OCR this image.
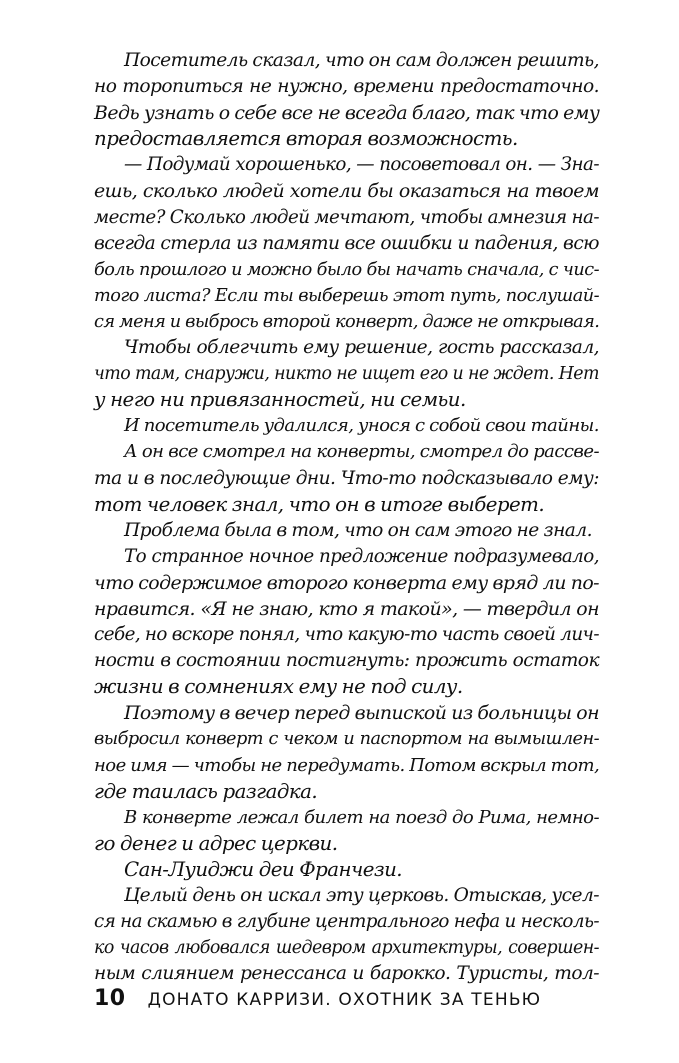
Посетитель сказал, что он сам должен решить,
но торопиться не нужно, времени предостаточно.
Ведь узнать о себе все не всегда благо, так что ему
предоставляется вторая возможность.
— Подумай хорошенько, — посоветовал он. — Зна-
ешь, сколько людей хотели бы оказаться на твоем
месте? Сколько людей мечтают, чтобы амнезия на-
всегда стерла из памяти все ошибки и падения, всю
боль прошлого и можно было бы начать сначала, с чис-
того листа? Если ты выберешь этот путь, послушай-
ся меня и выбрось второй конверт, даже не открывая.
Чтобы облегчить ему решение, гость рассказал,
что там, снаружи, никто не ищет его и не ждет. Нет
у него ни привязанностей, ни семьи.
И посетитель удалился, унося с собой свои тайны.
А он все смотрел на конверты, смотрел до рассве-
та и в последующие дни. Что-то подсказывало ему:
тот человек знал, что он в итоге выберет.
Проблема была в том, что он сам этого не знал.
То странное ночное предложение подразумевало,
что содержимое второго конверта ему вряд ли по-
нравится. «Я не знаю, кто я такой», — твердил он
себе, но вскоре понял, что какую-то часть своей лич-
ности в состоянии постигнуть: прожить остаток
жизни в сомнениях ему не под силу.
Поэтому в вечер перед выпиской из больницы он
выбросил конверт с чеком и паспортом на вымышлен-
ное имя — чтобы не передумать. Потом вскрыл тот,
где таилась разгадка.
В конверте лежал билет на поезд до Рима, немно-
го денег и адрес церкви.
Сан-Луиджи деи Франчези.
Целый день он искал эту церковь. Отыскав, усел-
ся на скамью в глубине центрального нефа и несколь-
ко часов любовался шедевром архитектуры, совершен-
ным слиянием ренессанса и барокко. Туристы, тол-
10 ДОНАТО КАРРИЗИ. ОХОТНИК ЗА ТЕНЬЮ
